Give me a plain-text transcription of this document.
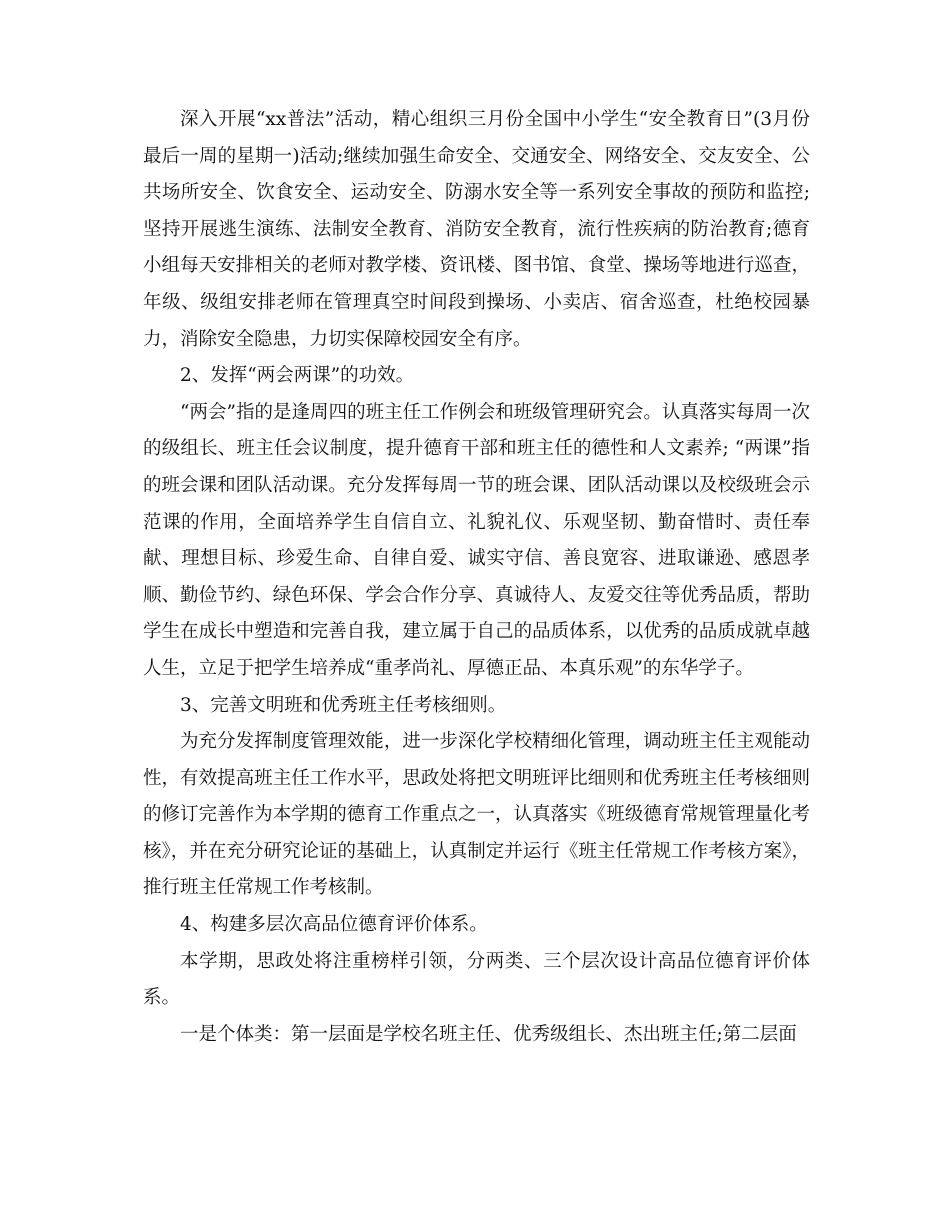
深入开展“xx普法”活动，精心组织三月份全国中小学生“安全教育日”(3月份最后一周的星期一)活动;继续加强生命安全、交通安全、网络安全、交友安全、公共场所安全、饮食安全、运动安全、防溺水安全等一系列安全事故的预防和监控;坚持开展逃生演练、法制安全教育、消防安全教育，流行性疾病的防治教育;德育小组每天安排相关的老师对教学楼、资讯楼、图书馆、食堂、操场等地进行巡查，年级、级组安排老师在管理真空时间段到操场、小卖店、宿舍巡查，杜绝校园暴力，消除安全隐患，力切实保障校园安全有序。

2、发挥“两会两课”的功效。

“两会”指的是逢周四的班主任工作例会和班级管理研究会。认真落实每周一次的级组长、班主任会议制度，提升德育干部和班主任的德性和人文素养; “两课”指的班会课和团队活动课。充分发挥每周一节的班会课、团队活动课以及校级班会示范课的作用，全面培养学生自信自立、礼貌礼仪、乐观坚韧、勤奋惜时、责任奉献、理想目标、珍爱生命、自律自爱、诚实守信、善良宽容、进取谦逊、感恩孝顺、勤俭节约、绿色环保、学会合作分享、真诚待人、友爱交往等优秀品质，帮助学生在成长中塑造和完善自我，建立属于自己的品质体系，以优秀的品质成就卓越人生，立足于把学生培养成“重孝尚礼、厚德正品、本真乐观”的东华学子。

3、完善文明班和优秀班主任考核细则。

为充分发挥制度管理效能，进一步深化学校精细化管理，调动班主任主观能动性，有效提高班主任工作水平，思政处将把文明班评比细则和优秀班主任考核细则的修订完善作为本学期的德育工作重点之一，认真落实《班级德育常规管理量化考核》，并在充分研究论证的基础上，认真制定并运行《班主任常规工作考核方案》，推行班主任常规工作考核制。

4、构建多层次高品位德育评价体系。

本学期，思政处将注重榜样引领，分两类、三个层次设计高品位德育评价体系。

一是个体类：第一层面是学校名班主任、优秀级组长、杰出班主任;第二层面
